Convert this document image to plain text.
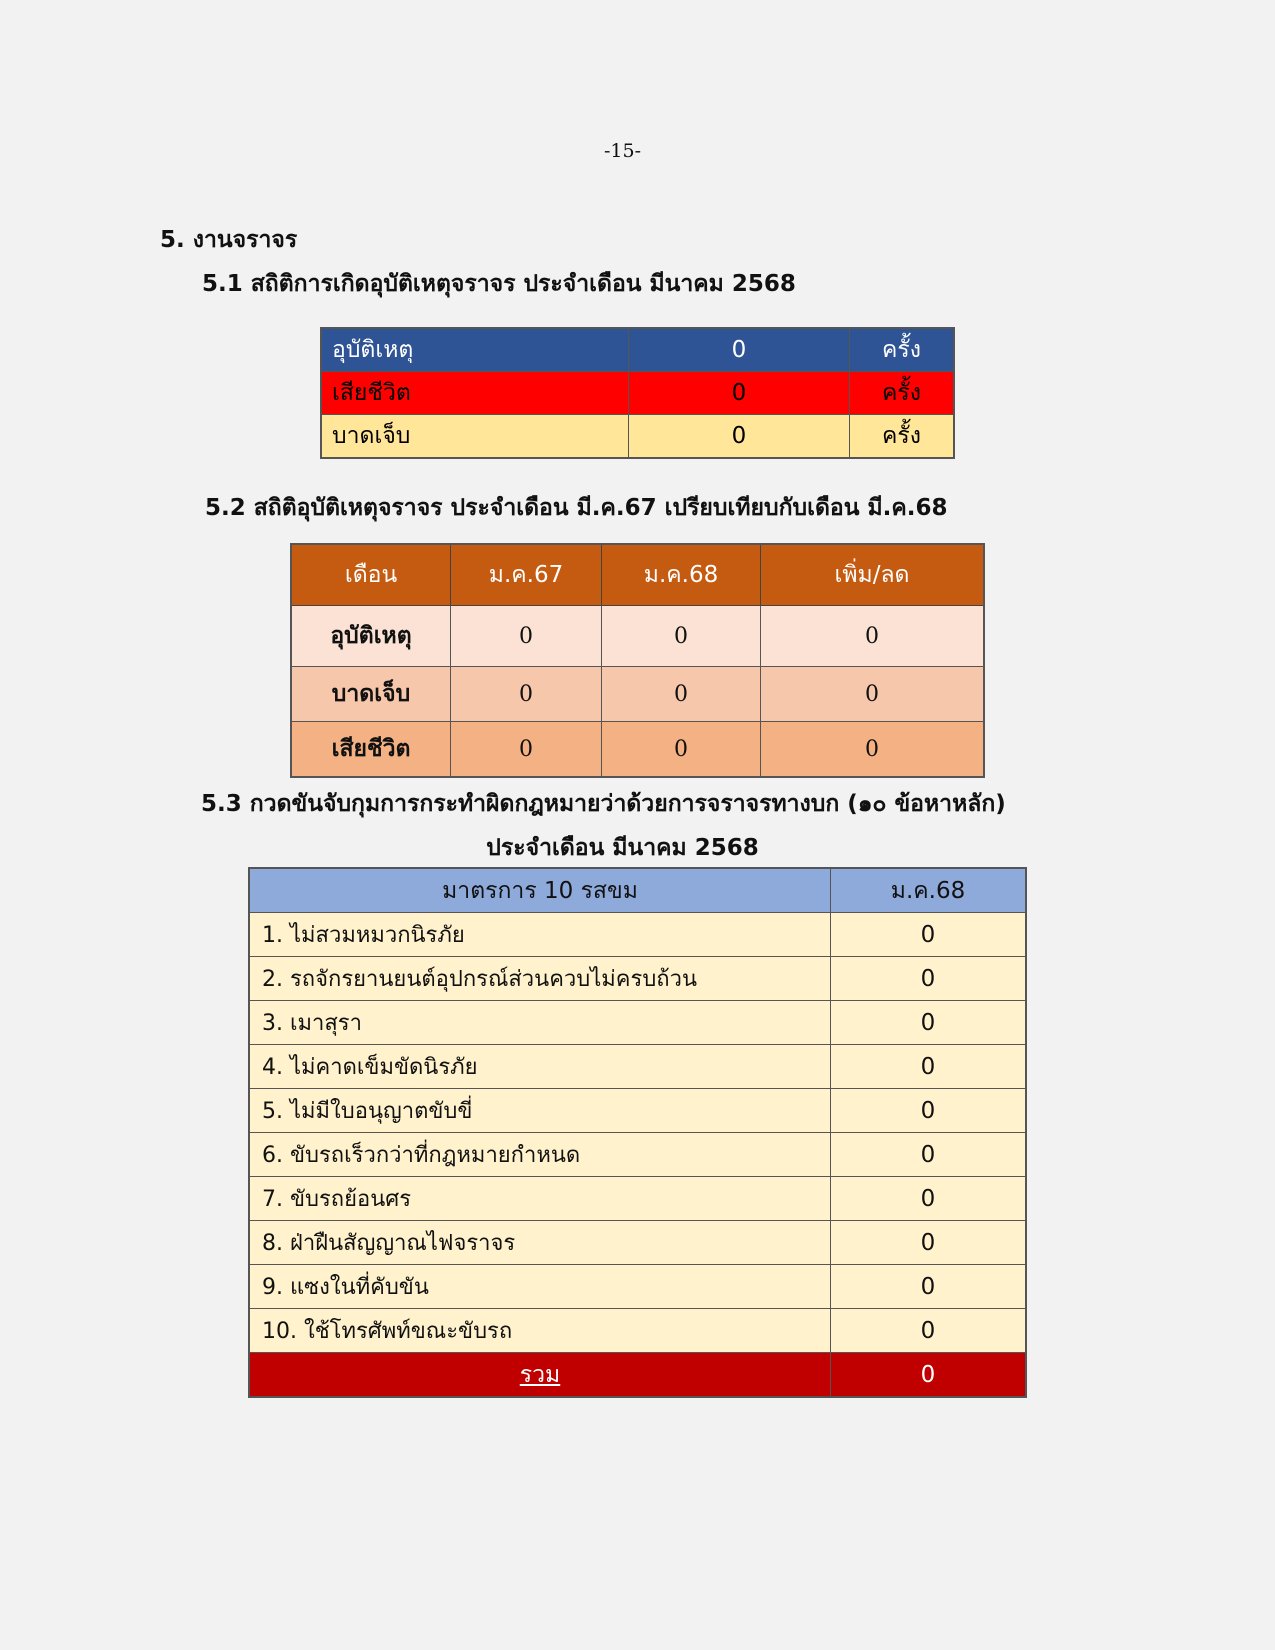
-15-
5. งานจราจร
5.1 สถิติการเกิดอุบัติเหตุจราจร ประจำเดือน มีนาคม 2568
อุบัติเหตุ	0	ครั้ง
เสียชีวิต	0	ครั้ง
บาดเจ็บ	0	ครั้ง
5.2 สถิติอุบัติเหตุจราจร ประจำเดือน มี.ค.67 เปรียบเทียบกับเดือน มี.ค.68
เดือน	ม.ค.67	ม.ค.68	เพิ่ม/ลด
อุบัติเหตุ	0	0	0
บาดเจ็บ	0	0	0
เสียชีวิต	0	0	0
5.3 กวดขันจับกุมการกระทำผิดกฎหมายว่าด้วยการจราจรทางบก (๑๐ ข้อหาหลัก)
ประจำเดือน มีนาคม 2568
มาตรการ 10 รสขม	ม.ค.68
1. ไม่สวมหมวกนิรภัย	0
2. รถจักรยานยนต์อุปกรณ์ส่วนควบไม่ครบถ้วน	0
3. เมาสุรา	0
4. ไม่คาดเข็มขัดนิรภัย	0
5. ไม่มีใบอนุญาตขับขี่	0
6. ขับรถเร็วกว่าที่กฎหมายกำหนด	0
7. ขับรถย้อนศร	0
8. ฝ่าฝืนสัญญาณไฟจราจร	0
9. แซงในที่คับขัน	0
10. ใช้โทรศัพท์ขณะขับรถ	0
รวม	0
